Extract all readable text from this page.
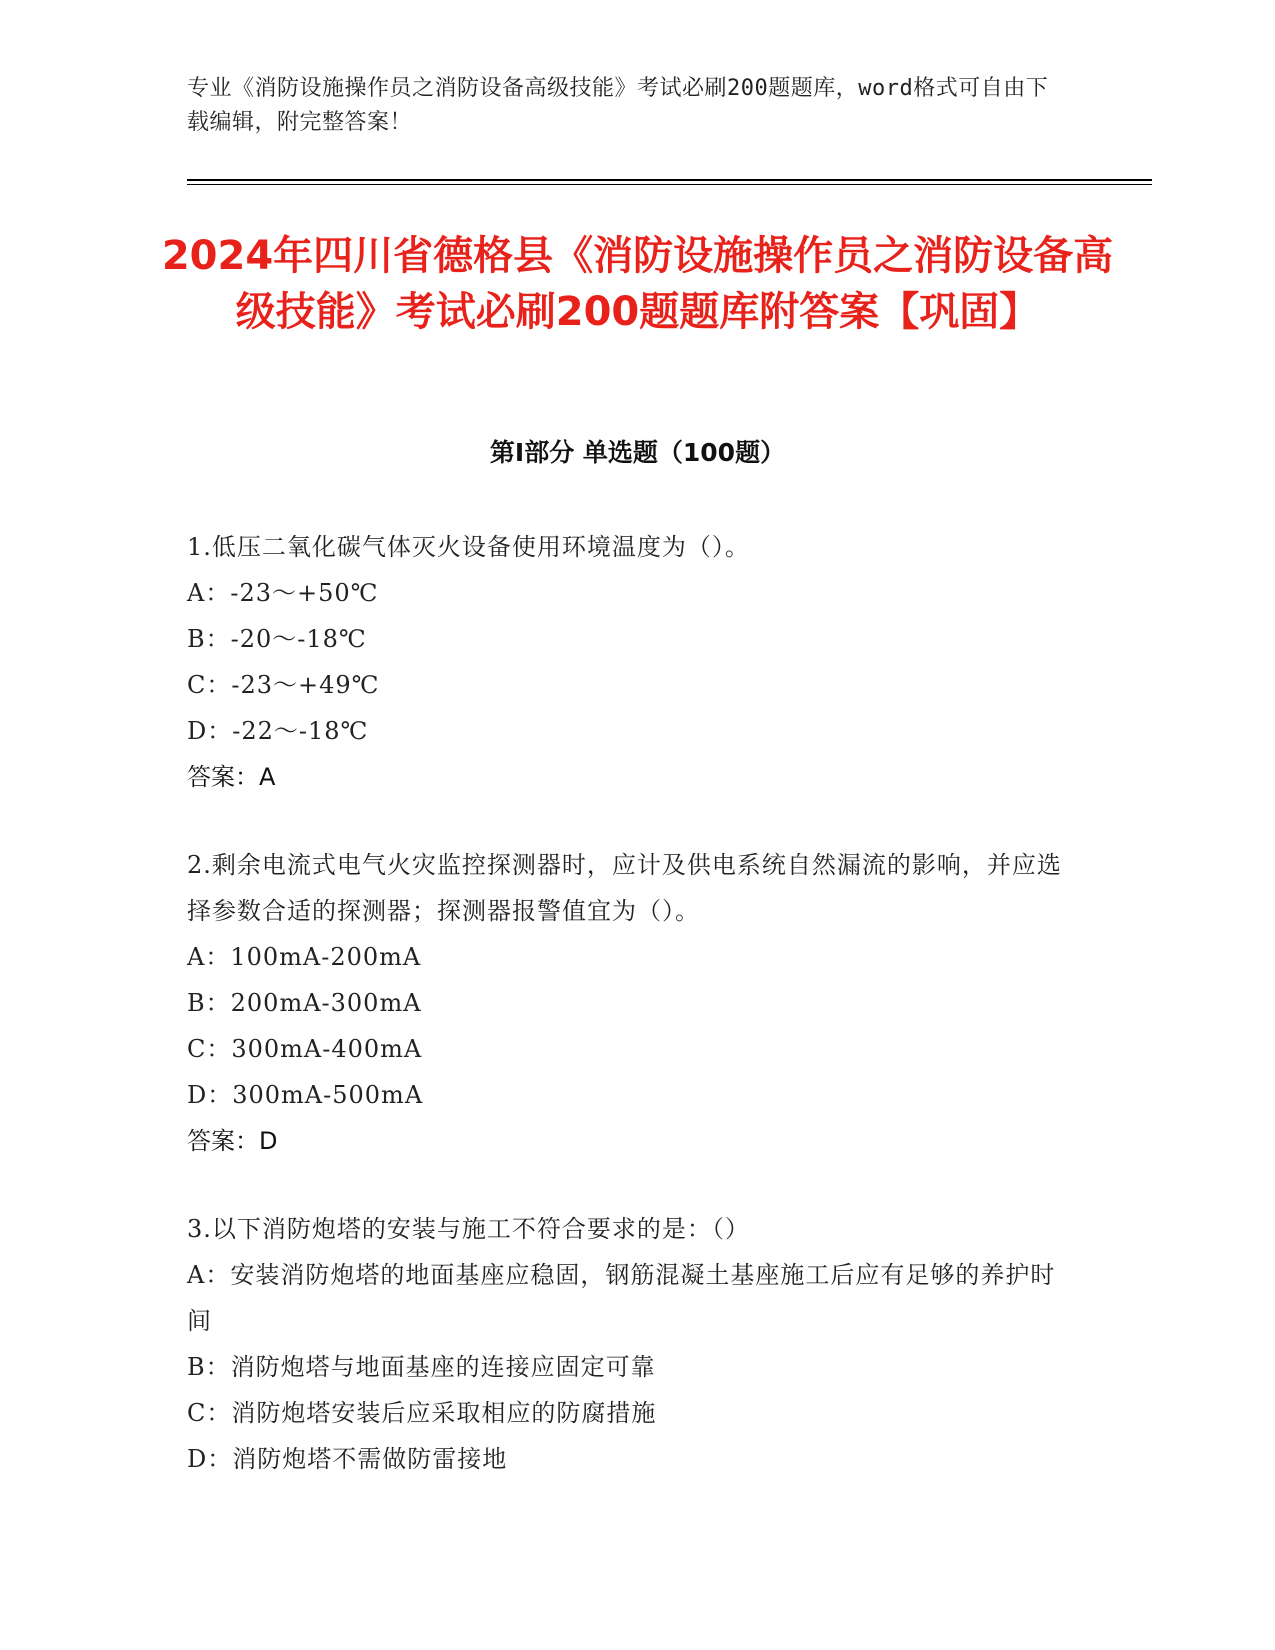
专业《消防设施操作员之消防设备高级技能》考试必刷200题题库，word格式可自由下载编辑，附完整答案！
2024年四川省德格县《消防设施操作员之消防设备高级技能》考试必刷200题题库附答案【巩固】
第I部分 单选题（100题）
1.低压二氧化碳气体灭火设备使用环境温度为（）。
A：-23～+50℃
B：-20～-18℃
C：-23～+49℃
D：-22～-18℃
答案：A
2.剩余电流式电气火灾监控探测器时，应计及供电系统自然漏流的影响，并应选择参数合适的探测器；探测器报警值宜为（）。
A：100mA-200mA
B：200mA-300mA
C：300mA-400mA
D：300mA-500mA
答案：D
3.以下消防炮塔的安装与施工不符合要求的是：（）
A：安装消防炮塔的地面基座应稳固，钢筋混凝土基座施工后应有足够的养护时间
B：消防炮塔与地面基座的连接应固定可靠
C：消防炮塔安装后应采取相应的防腐措施
D：消防炮塔不需做防雷接地
